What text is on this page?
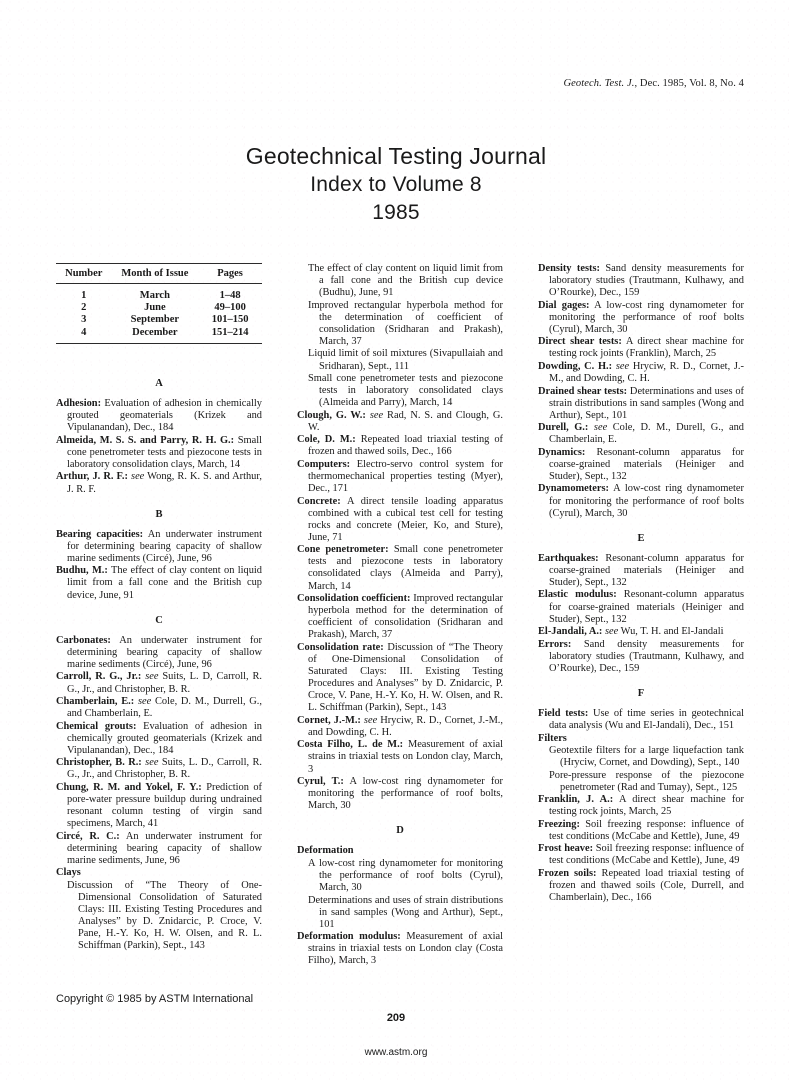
Geotech. Test. J., Dec. 1985, Vol. 8, No. 4
Geotechnical Testing Journal
Index to Volume 8
1985
Number	Month of Issue	Pages
1	March	1–48
2	June	49–100
3	September	101–150
4	December	151–214
A
Adhesion: Evaluation of adhesion in chemically grouted geomaterials (Krizek and Vipulanandan), Dec., 184
Almeida, M. S. S. and Parry, R. H. G.: Small cone penetrometer tests and piezocone tests in laboratory consolidation clays, March, 14
Arthur, J. R. F.: see Wong, R. K. S. and Arthur, J. R. F.
B
Bearing capacities: An underwater instrument for determining bearing capacity of shallow marine sediments (Circé), June, 96
Budhu, M.: The effect of clay content on liquid limit from a fall cone and the British cup device, June, 91
C
Carbonates: An underwater instrument for determining bearing capacity of shallow marine sediments (Circé), June, 96
Carroll, R. G., Jr.: see Suits, L. D, Carroll, R. G., Jr., and Christopher, B. R.
Chamberlain, E.: see Cole, D. M., Durrell, G., and Chamberlain, E.
Chemical grouts: Evaluation of adhesion in chemically grouted geomaterials (Krizek and Vipulanandan), Dec., 184
Christopher, B. R.: see Suits, L. D., Carroll, R. G., Jr., and Christopher, B. R.
Chung, R. M. and Yokel, F. Y.: Prediction of pore-water pressure buildup during undrained resonant column testing of virgin sand specimens, March, 41
Circé, R. C.: An underwater instrument for determining bearing capacity of shallow marine sediments, June, 96
Clays
Discussion of “The Theory of One-Dimensional Consolidation of Saturated Clays: III. Existing Testing Procedures and Analyses” by D. Znidarcic, P. Croce, V. Pane, H.-Y. Ko, H. W. Olsen, and R. L. Schiffman (Parkin), Sept., 143
The effect of clay content on liquid limit from a fall cone and the British cup device (Budhu), June, 91
Improved rectangular hyperbola method for the determination of coefficient of consolidation (Sridharan and Prakash), March, 37
Liquid limit of soil mixtures (Sivapullaiah and Sridharan), Sept., 111
Small cone penetrometer tests and piezocone tests in laboratory consolidated clays (Almeida and Parry), March, 14
Clough, G. W.: see Rad, N. S. and Clough, G. W.
Cole, D. M.: Repeated load triaxial testing of frozen and thawed soils, Dec., 166
Computers: Electro-servo control system for thermomechanical properties testing (Myer), Dec., 171
Concrete: A direct tensile loading apparatus combined with a cubical test cell for testing rocks and concrete (Meier, Ko, and Sture), June, 71
Cone penetrometer: Small cone penetrometer tests and piezocone tests in laboratory consolidated clays (Almeida and Parry), March, 14
Consolidation coefficient: Improved rectangular hyperbola method for the determination of coefficient of consolidation (Sridharan and Prakash), March, 37
Consolidation rate: Discussion of “The Theory of One-Dimensional Consolidation of Saturated Clays: III. Existing Testing Procedures and Analyses” by D. Znidarcic, P. Croce, V. Pane, H.-Y. Ko, H. W. Olsen, and R. L. Schiffman (Parkin), Sept., 143
Cornet, J.-M.: see Hryciw, R. D., Cornet, J.-M., and Dowding, C. H.
Costa Filho, L. de M.: Measurement of axial strains in triaxial tests on London clay, March, 3
Cyrul, T.: A low-cost ring dynamometer for monitoring the performance of roof bolts, March, 30
D
Deformation
A low-cost ring dynamometer for monitoring the performance of roof bolts (Cyrul), March, 30
Determinations and uses of strain distributions in sand samples (Wong and Arthur), Sept., 101
Deformation modulus: Measurement of axial strains in triaxial tests on London clay (Costa Filho), March, 3
Density tests: Sand density measurements for laboratory studies (Trautmann, Kulhawy, and O’Rourke), Dec., 159
Dial gages: A low-cost ring dynamometer for monitoring the performance of roof bolts (Cyrul), March, 30
Direct shear tests: A direct shear machine for testing rock joints (Franklin), March, 25
Dowding, C. H.: see Hryciw, R. D., Cornet, J.-M., and Dowding, C. H.
Drained shear tests: Determinations and uses of strain distributions in sand samples (Wong and Arthur), Sept., 101
Durell, G.: see Cole, D. M., Durell, G., and Chamberlain, E.
Dynamics: Resonant-column apparatus for coarse-grained materials (Heiniger and Studer), Sept., 132
Dynamometers: A low-cost ring dynamometer for monitoring the performance of roof bolts (Cyrul), March, 30
E
Earthquakes: Resonant-column apparatus for coarse-grained materials (Heiniger and Studer), Sept., 132
Elastic modulus: Resonant-column apparatus for coarse-grained materials (Heiniger and Studer), Sept., 132
El-Jandali, A.: see Wu, T. H. and El-Jandali
Errors: Sand density measurements for laboratory studies (Trautmann, Kulhawy, and O’Rourke), Dec., 159
F
Field tests: Use of time series in geotechnical data analysis (Wu and El-Jandali), Dec., 151
Filters
Geotextile filters for a large liquefaction tank (Hryciw, Cornet, and Dowding), Sept., 140
Pore-pressure response of the piezocone penetrometer (Rad and Tumay), Sept., 125
Franklin, J. A.: A direct shear machine for testing rock joints, March, 25
Freezing: Soil freezing response: influence of test conditions (McCabe and Kettle), June, 49
Frost heave: Soil freezing response: influence of test conditions (McCabe and Kettle), June, 49
Frozen soils: Repeated load triaxial testing of frozen and thawed soils (Cole, Durrell, and Chamberlain), Dec., 166
Copyright © 1985 by ASTM International
209
www.astm.org
